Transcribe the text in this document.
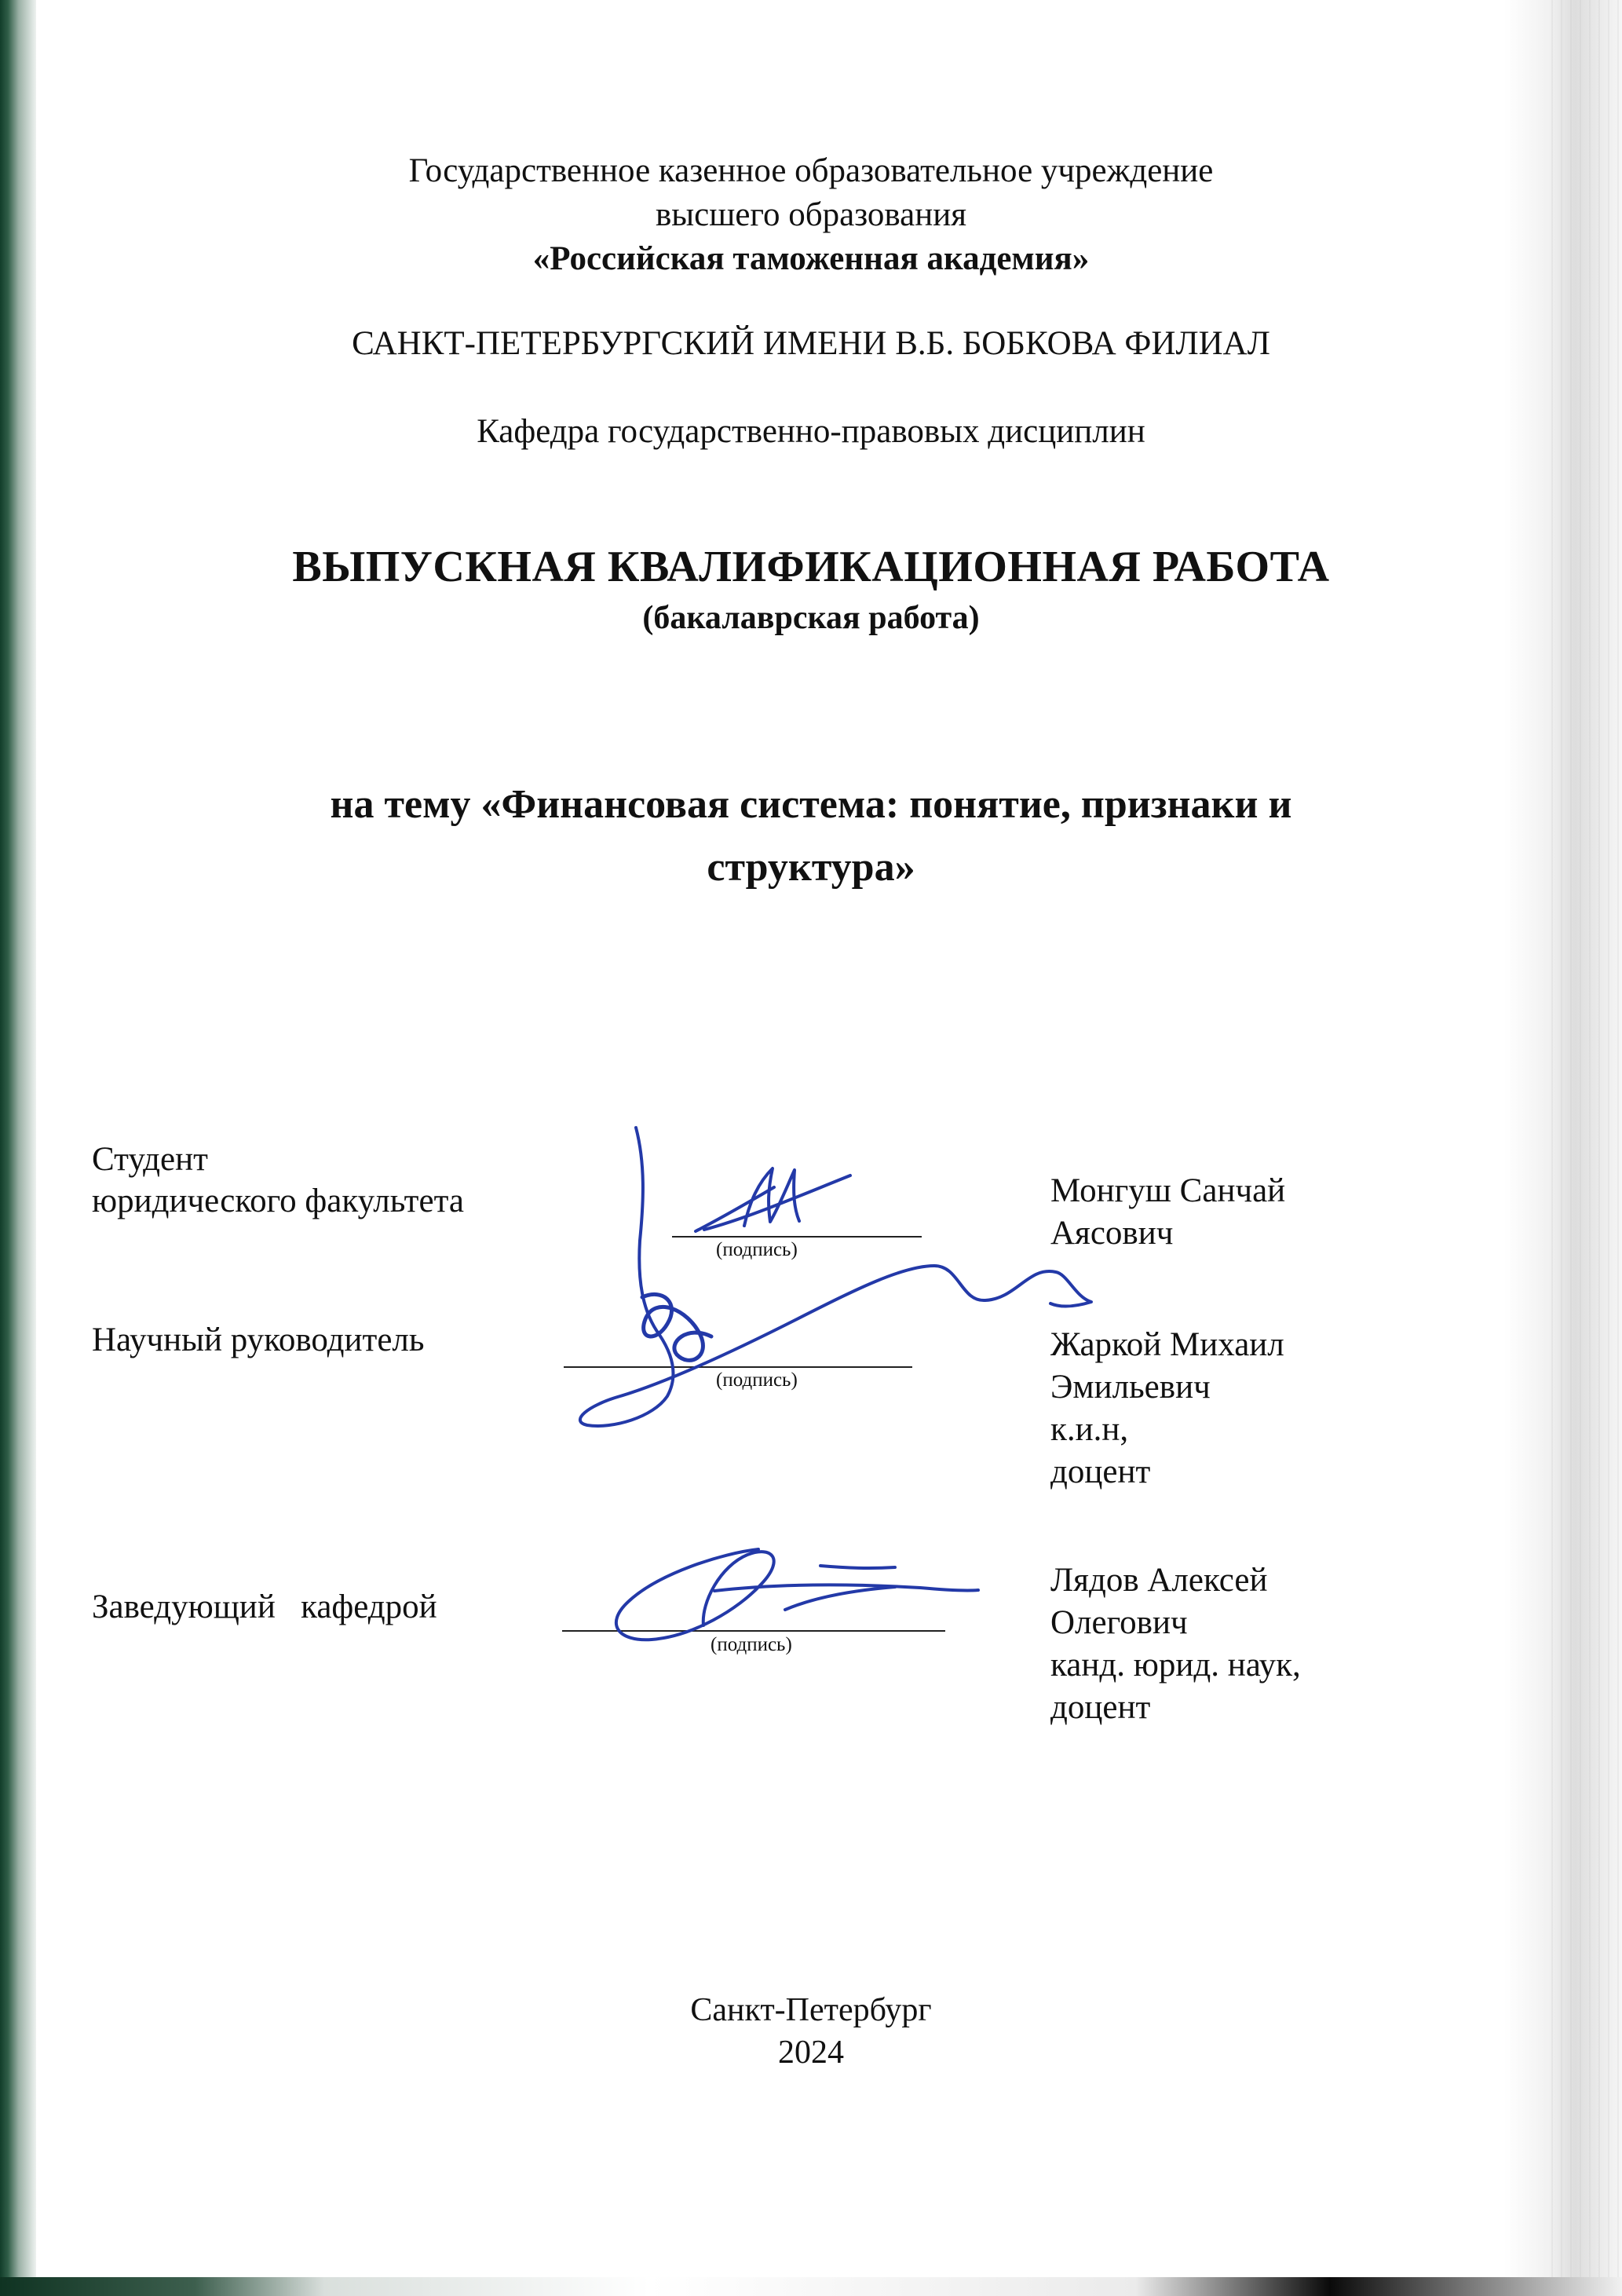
Государственное казенное образовательное учреждение
высшего образования
«Российская таможенная академия»
САНКТ-ПЕТЕРБУРГСКИЙ ИМЕНИ В.Б. БОБКОВА ФИЛИАЛ
Кафедра государственно-правовых дисциплин
ВЫПУСКНАЯ КВАЛИФИКАЦИОННАЯ РАБОТА
(бакалаврская работа)
на тему «Финансовая система: понятие, признаки и
структура»
Студент
юридического факультета
(подпись)
Монгуш Санчай
Аясович
Научный руководитель
(подпись)
Жаркой Михаил
Эмильевич
к.и.н,
доцент
Заведующий   кафедрой
(подпись)
Лядов Алексей
Олегович
канд. юрид. наук,
доцент
Санкт-Петербург
2024
